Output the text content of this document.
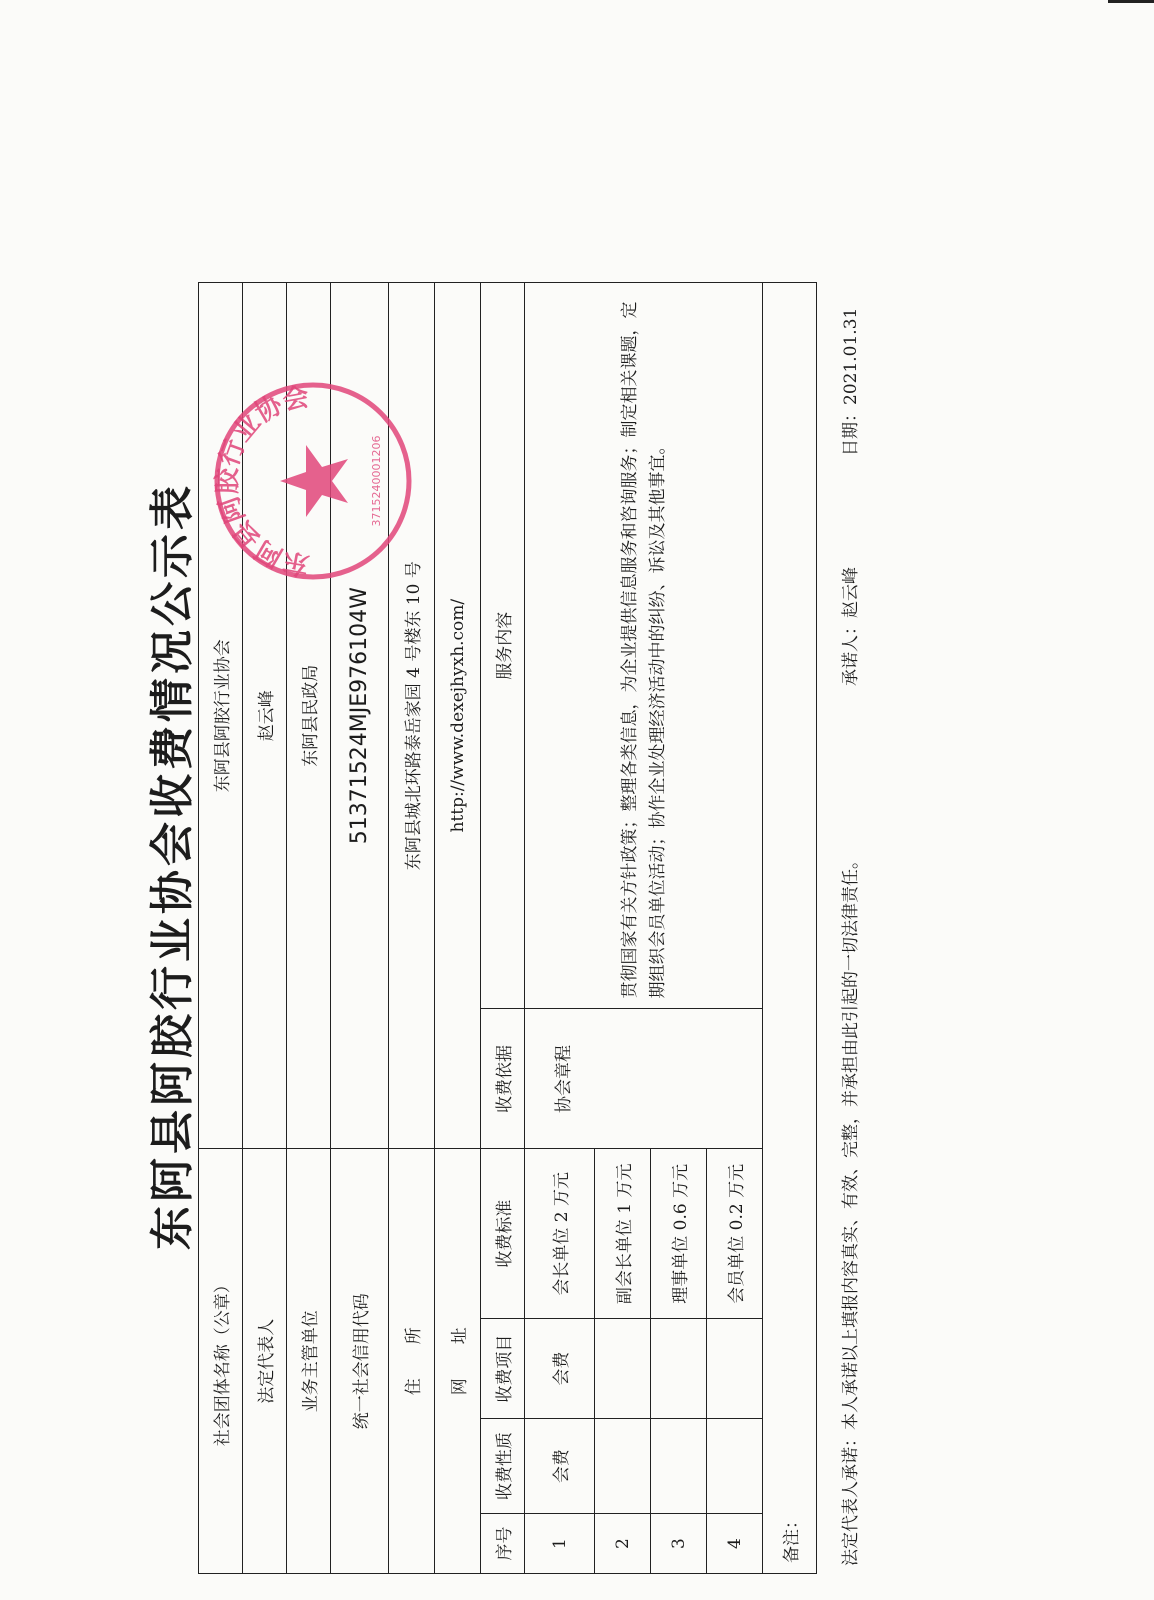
东阿县阿胶行业协会收费情况公示表
社会团体名称（公章）				东阿县阿胶行业协会	
法定代表人				赵云峰	
业务主管单位				东阿县民政局	
统一社会信用代码				51371524MJE976104W	
住　　所				东阿县城北环路泰岳家园 4 号楼东 10 号	
网　　址				http://www.dexejhyxh.com/	
序号	收费性质	收费项目	收费标准	收费依据	服务内容
1	会费	会费	会长单位 2 万元	协会章程	贯彻国家有关方针政策；整理各类信息，为企业提供信息服务和咨询服务；制定相关课题，定期组织会员单位活动；协作企业处理经济活动中的纠纷、诉讼及其他事宜。
2			副会长单位 1 万元		
3			理事单位 0.6 万元		
4			会员单位 0.2 万元		
备注：					法定代表人承诺：本人承诺以上填报内容真实、有效、完整，并承担由此引起的一切法律责任。
承诺人：赵云峰
日期：2021.01.31
东阿县阿胶行业协会
3715240001206
